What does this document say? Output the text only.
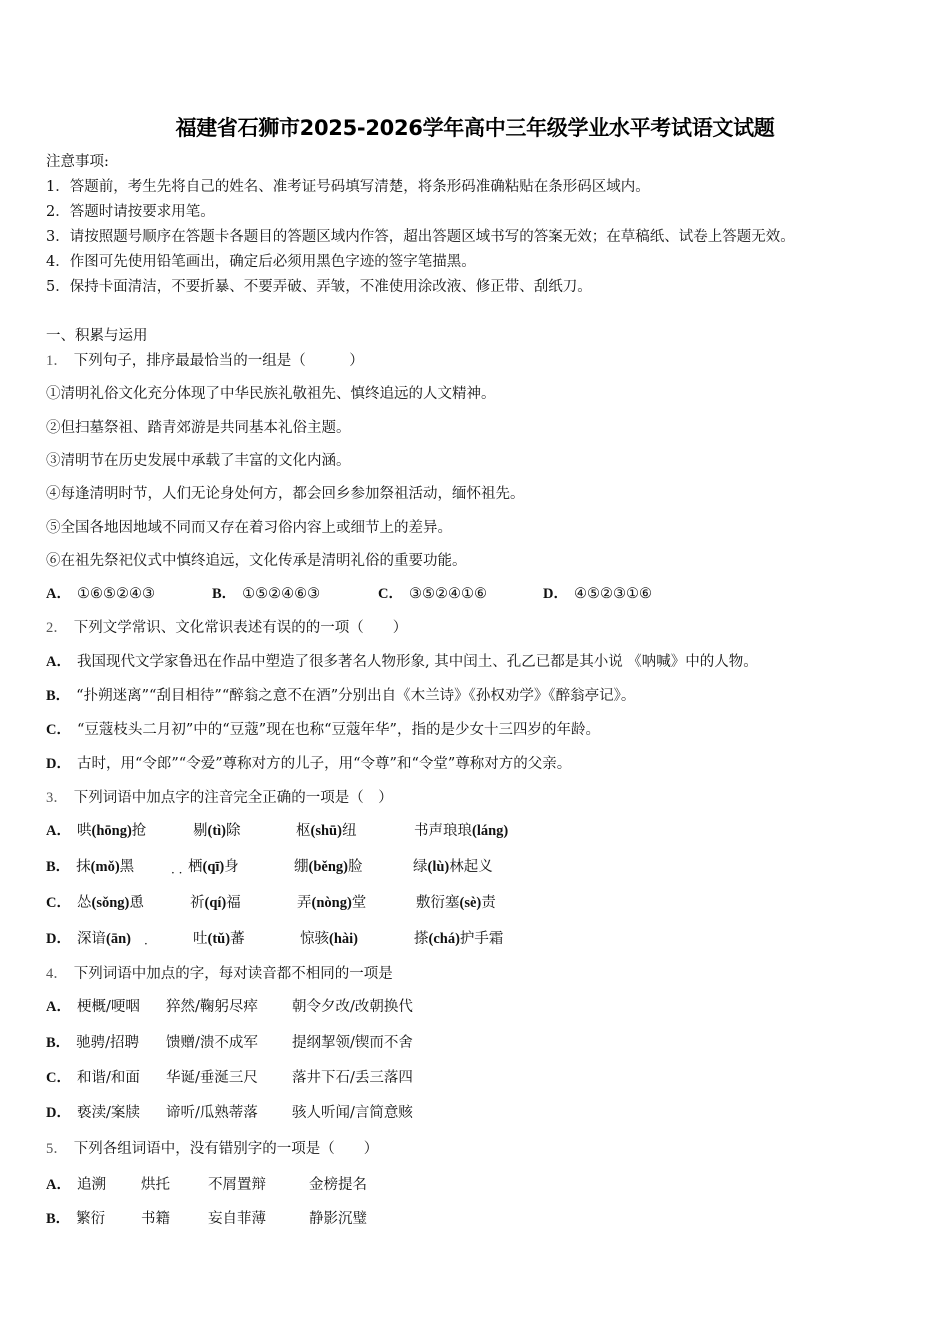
福建省石狮市2025-2026学年高中三年级学业水平考试语文试题
注意事项:
1．答题前，考生先将自己的姓名、准考证号码填写清楚，将条形码准确粘贴在条形码区域内。
2．答题时请按要求用笔。
3．请按照题号顺序在答题卡各题目的答题区域内作答，超出答题区域书写的答案无效；在草稿纸、试卷上答题无效。
4．作图可先使用铅笔画出，确定后必须用黑色字迹的签字笔描黑。
5．保持卡面清洁，不要折暴、不要弄破、弄皱，不准使用涂改液、修正带、刮纸刀。
一、积累与运用
1． 下列句子，排序最最恰当的一组是（　　　）
①清明礼俗文化充分体现了中华民族礼敬祖先、慎终追远的人文精神。
②但扫墓祭祖、踏青郊游是共同基本礼俗主题。
③清明节在历史发展中承载了丰富的文化内涵。
④每逢清明时节，人们无论身处何方，都会回乡参加祭祖活动，缅怀祖先。
⑤全国各地因地域不同而又存在着习俗内容上或细节上的差异。
⑥在祖先祭祀仪式中慎终追远，文化传承是清明礼俗的重要功能。
A． ①⑥⑤②④③	B． ①⑤②④⑥③	C． ③⑤②④①⑥	D． ④⑤②③①⑥
2． 下列文学常识、文化常识表述有误的的一项（　　）
A． 我国现代文学家鲁迅在作品中塑造了很多著名人物形象, 其中闰土、孔乙已都是其小说 《呐喊》中的人物。
B． “扑朔迷离”“刮目相待”“醉翁之意不在酒”分别出自《木兰诗》《孙权劝学》《醉翁亭记》。
C． “豆蔻枝头二月初”中的“豆蔻”现在也称“豆蔻年华”，指的是少女十三四岁的年龄。
D． 古时，用“令郎”“令爱”尊称对方的儿子，用“令尊”和“令堂”尊称对方的父亲。
3． 下列词语中加点字的注音完全正确的一项是（　）
A． 哄(hōng)抢	剔(tì)除	枢(shū)纽	书声琅琅(láng)
B． 抹(mǒ)黑	· · 栖(qī)身	绷(běng)脸	绿(lù)林起义
C． 怂(sǒng)恿	祈(qí)福	弄(nòng)堂	敷衍塞(sè)责
D． 深谙(ān) ·	吐(tǔ)蕃	惊骇(hài)	搽(chá)护手霜
4． 下列词语中加点的字，每对读音都不相同的一项是
A． 梗概/哽咽 猝然/鞠躬尽瘁 朝令夕改/改朝换代
B． 驰骋/招聘 馈赠/溃不成军 提纲挈领/锲而不舍
C． 和谐/和面 华诞/垂涎三尺 落井下石/丢三落四
D． 亵渎/案牍 谛听/瓜熟蒂落 骇人听闻/言简意赅
5． 下列各组词语中，没有错别字的一项是（　　）
A． 追溯 烘托	不屑置辩	金榜提名
B． 繁衍 书籍	妄自菲薄	静影沉璧
